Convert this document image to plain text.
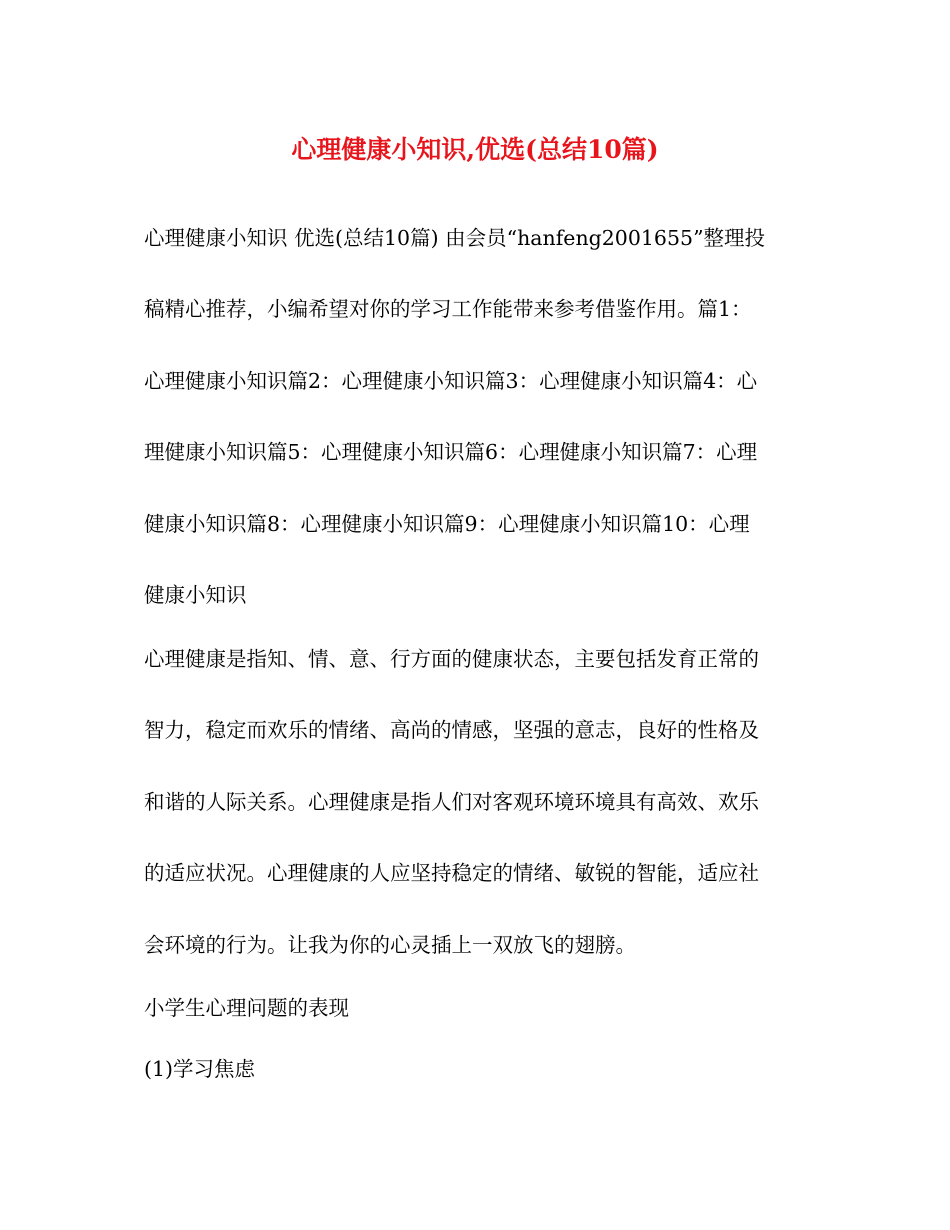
心理健康小知识,优选(总结10篇)

心理健康小知识 优选(总结10篇) 由会员“hanfeng2001655”整理投

稿精心推荐，小编希望对你的学习工作能带来参考借鉴作用。篇1：

心理健康小知识篇2：心理健康小知识篇3：心理健康小知识篇4：心

理健康小知识篇5：心理健康小知识篇6：心理健康小知识篇7：心理

健康小知识篇8：心理健康小知识篇9：心理健康小知识篇10：心理

健康小知识

心理健康是指知、情、意、行方面的健康状态，主要包括发育正常的

智力，稳定而欢乐的情绪、高尚的情感，坚强的意志，良好的性格及

和谐的人际关系。心理健康是指人们对客观环境环境具有高效、欢乐

的适应状况。心理健康的人应坚持稳定的情绪、敏锐的智能，适应社

会环境的行为。让我为你的心灵插上一双放飞的翅膀。

小学生心理问题的表现

(1)学习焦虑
